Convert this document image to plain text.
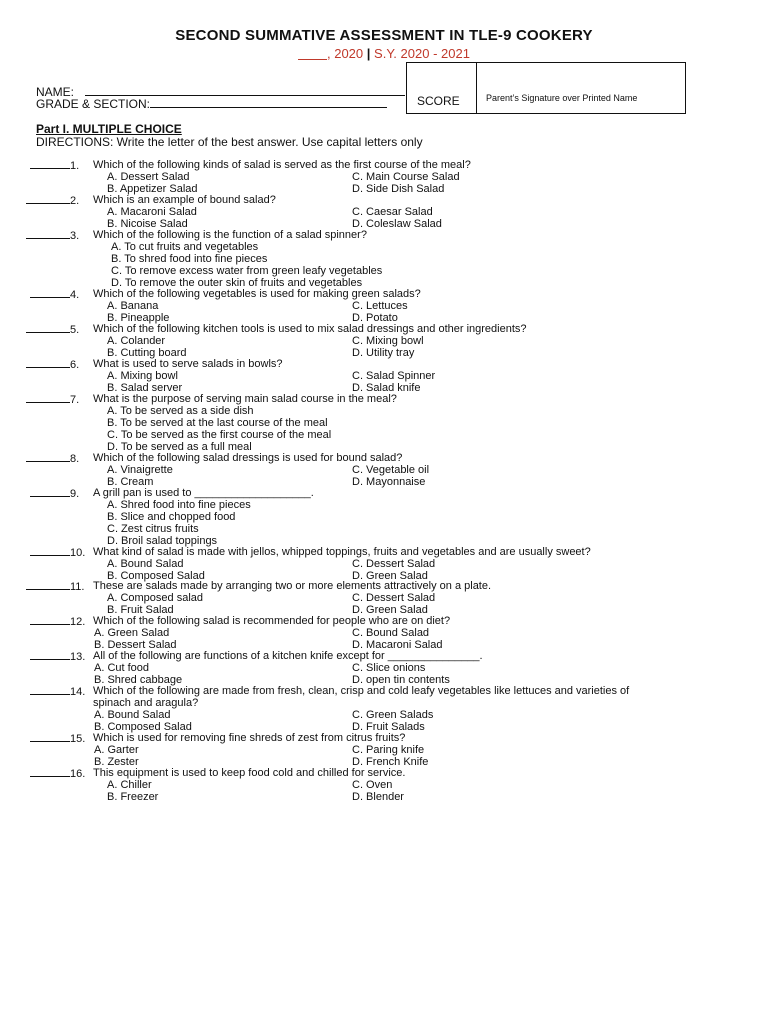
SECOND SUMMATIVE ASSESSMENT IN TLE-9 COOKERY
____, 2020 | S.Y. 2020 - 2021
NAME:
GRADE & SECTION:	SCORE	Parent’s Signature over Printed Name
Part I. MULTIPLE CHOICE
DIRECTIONS: Write the letter of the best answer. Use capital letters only
1. Which of the following kinds of salad is served as the first course of the meal?
A. Dessert Salad
B. Appetizer Salad
C. Main Course Salad
D. Side Dish Salad
2. Which is an example of bound salad?
A. Macaroni Salad
B. Nicoise Salad
C. Caesar Salad
D. Coleslaw Salad
3. Which of the following is the function of a salad spinner?
A. To cut fruits and vegetables
B. To shred food into fine pieces
C. To remove excess water from green leafy vegetables
D. To remove the outer skin of fruits and vegetables
4. Which of the following vegetables is used for making green salads?
A. Banana
B. Pineapple
C. Lettuces
D. Potato
5. Which of the following kitchen tools is used to mix salad dressings and other ingredients?
A. Colander
B. Cutting board
C. Mixing bowl
D. Utility tray
6. What is used to serve salads in bowls?
A. Mixing bowl
B. Salad server
C. Salad Spinner
D. Salad knife
7. What is the purpose of serving main salad course in the meal?
A. To be served as a side dish
B. To be served at the last course of the meal
C. To be served as the first course of the meal
D. To be served as a full meal
8. Which of the following salad dressings is used for bound salad?
A. Vinaigrette
B. Cream
C. Vegetable oil
D. Mayonnaise
9. A grill pan is used to ___________________.
A. Shred food into fine pieces
B. Slice and chopped food
C. Zest citrus fruits
D. Broil salad toppings
10. What kind of salad is made with jellos, whipped toppings, fruits and vegetables and are usually sweet?
A. Bound Salad
B. Composed Salad
C. Dessert Salad
D. Green Salad
11. These are salads made by arranging two or more elements attractively on a plate.
A. Composed salad
B. Fruit Salad
C. Dessert Salad
D. Green Salad
12. Which of the following salad is recommended for people who are on diet?
A. Green Salad
B. Dessert Salad
C. Bound Salad
D. Macaroni Salad
13. All of the following are functions of a kitchen knife except for _______________.
A. Cut food
B. Shred cabbage
C. Slice onions
D. open tin contents
14. Which of the following are made from fresh, clean, crisp and cold leafy vegetables like lettuces and varieties of
spinach and aragula?
A. Bound Salad
B. Composed Salad
C. Green Salads
D. Fruit Salads
15. Which is used for removing fine shreds of zest from citrus fruits?
A. Garter
B. Zester
C. Paring knife
D. French Knife
16. This equipment is used to keep food cold and chilled for service.
A. Chiller
B. Freezer
C. Oven
D. Blender
